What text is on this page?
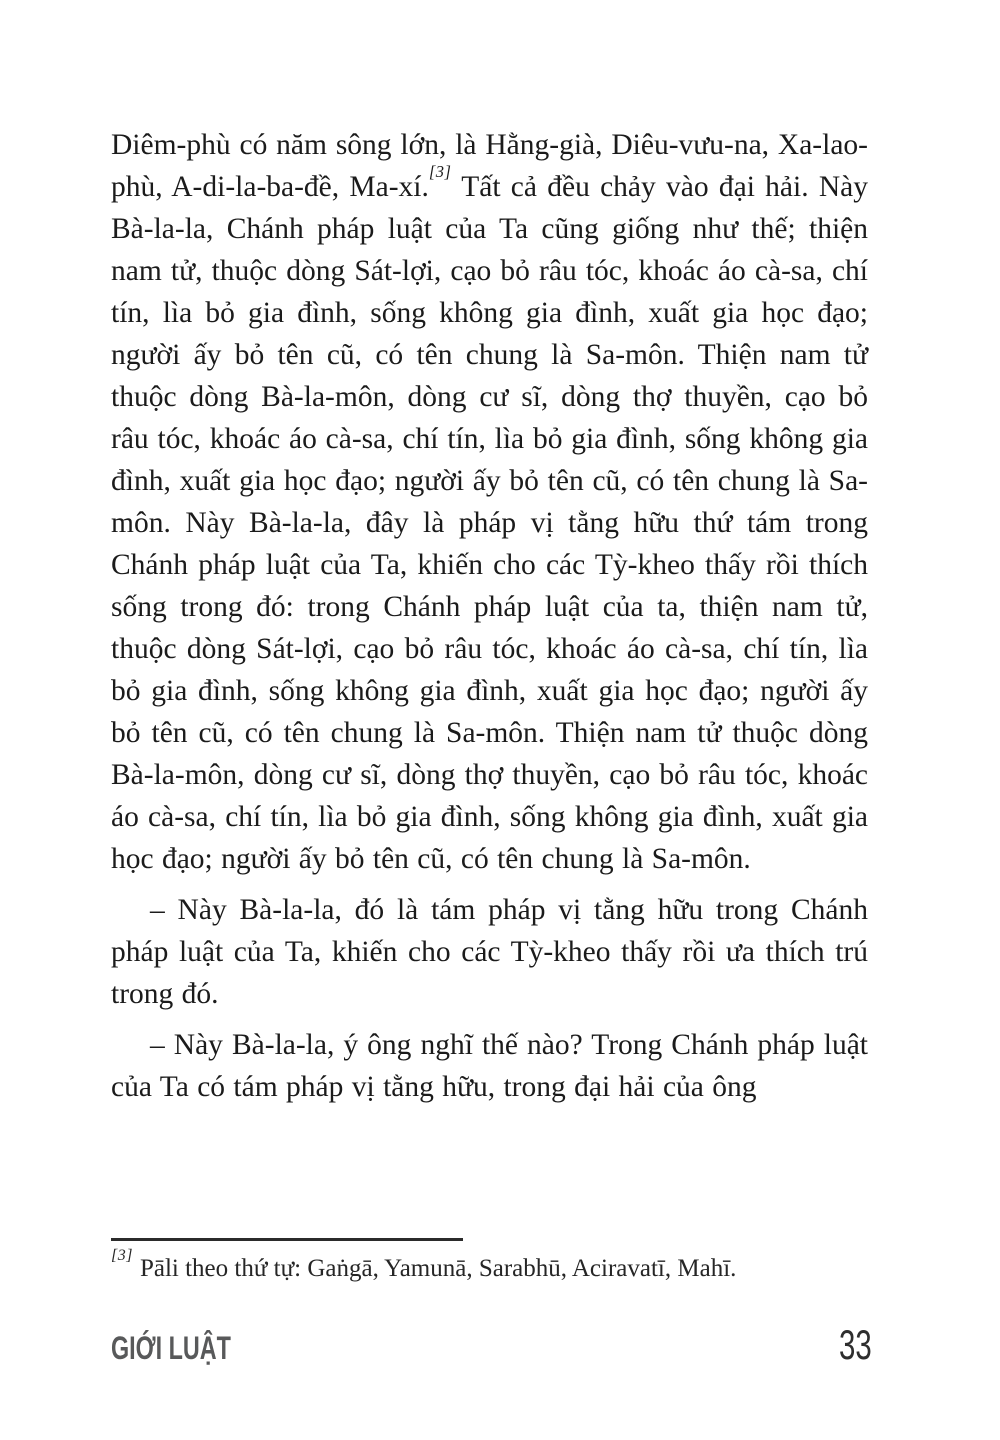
Diêm-phù có năm sông lớn, là Hằng-già, Diêu-vưu-na, Xa-lao-phù, A-di-la-ba-đề, Ma-xí.[3] Tất cả đều chảy vào đại hải. Này Bà-la-la, Chánh pháp luật của Ta cũng giống như thế; thiện nam tử, thuộc dòng Sát-lợi, cạo bỏ râu tóc, khoác áo cà-sa, chí tín, lìa bỏ gia đình, sống không gia đình, xuất gia học đạo; người ấy bỏ tên cũ, có tên chung là Sa-môn. Thiện nam tử thuộc dòng Bà-la-môn, dòng cư sĩ, dòng thợ thuyền, cạo bỏ râu tóc, khoác áo cà-sa, chí tín, lìa bỏ gia đình, sống không gia đình, xuất gia học đạo; người ấy bỏ tên cũ, có tên chung là Sa-môn. Này Bà-la-la, đây là pháp vị tằng hữu thứ tám trong Chánh pháp luật của Ta, khiến cho các Tỳ-kheo thấy rồi thích sống trong đó: trong Chánh pháp luật của ta, thiện nam tử, thuộc dòng Sát-lợi, cạo bỏ râu tóc, khoác áo cà-sa, chí tín, lìa bỏ gia đình, sống không gia đình, xuất gia học đạo; người ấy bỏ tên cũ, có tên chung là Sa-môn. Thiện nam tử thuộc dòng Bà-la-môn, dòng cư sĩ, dòng thợ thuyền, cạo bỏ râu tóc, khoác áo cà-sa, chí tín, lìa bỏ gia đình, sống không gia đình, xuất gia học đạo; người ấy bỏ tên cũ, có tên chung là Sa-môn.

– Này Bà-la-la, đó là tám pháp vị tằng hữu trong Chánh pháp luật của Ta, khiến cho các Tỳ-kheo thấy rồi ưa thích trú trong đó.

– Này Bà-la-la, ý ông nghĩ thế nào? Trong Chánh pháp luật của Ta có tám pháp vị tằng hữu, trong đại hải của ông

[3] Pāli theo thứ tự: Gaṅgā, Yamunā, Sarabhū, Aciravatī, Mahī.

GIỚI LUẬT	33
